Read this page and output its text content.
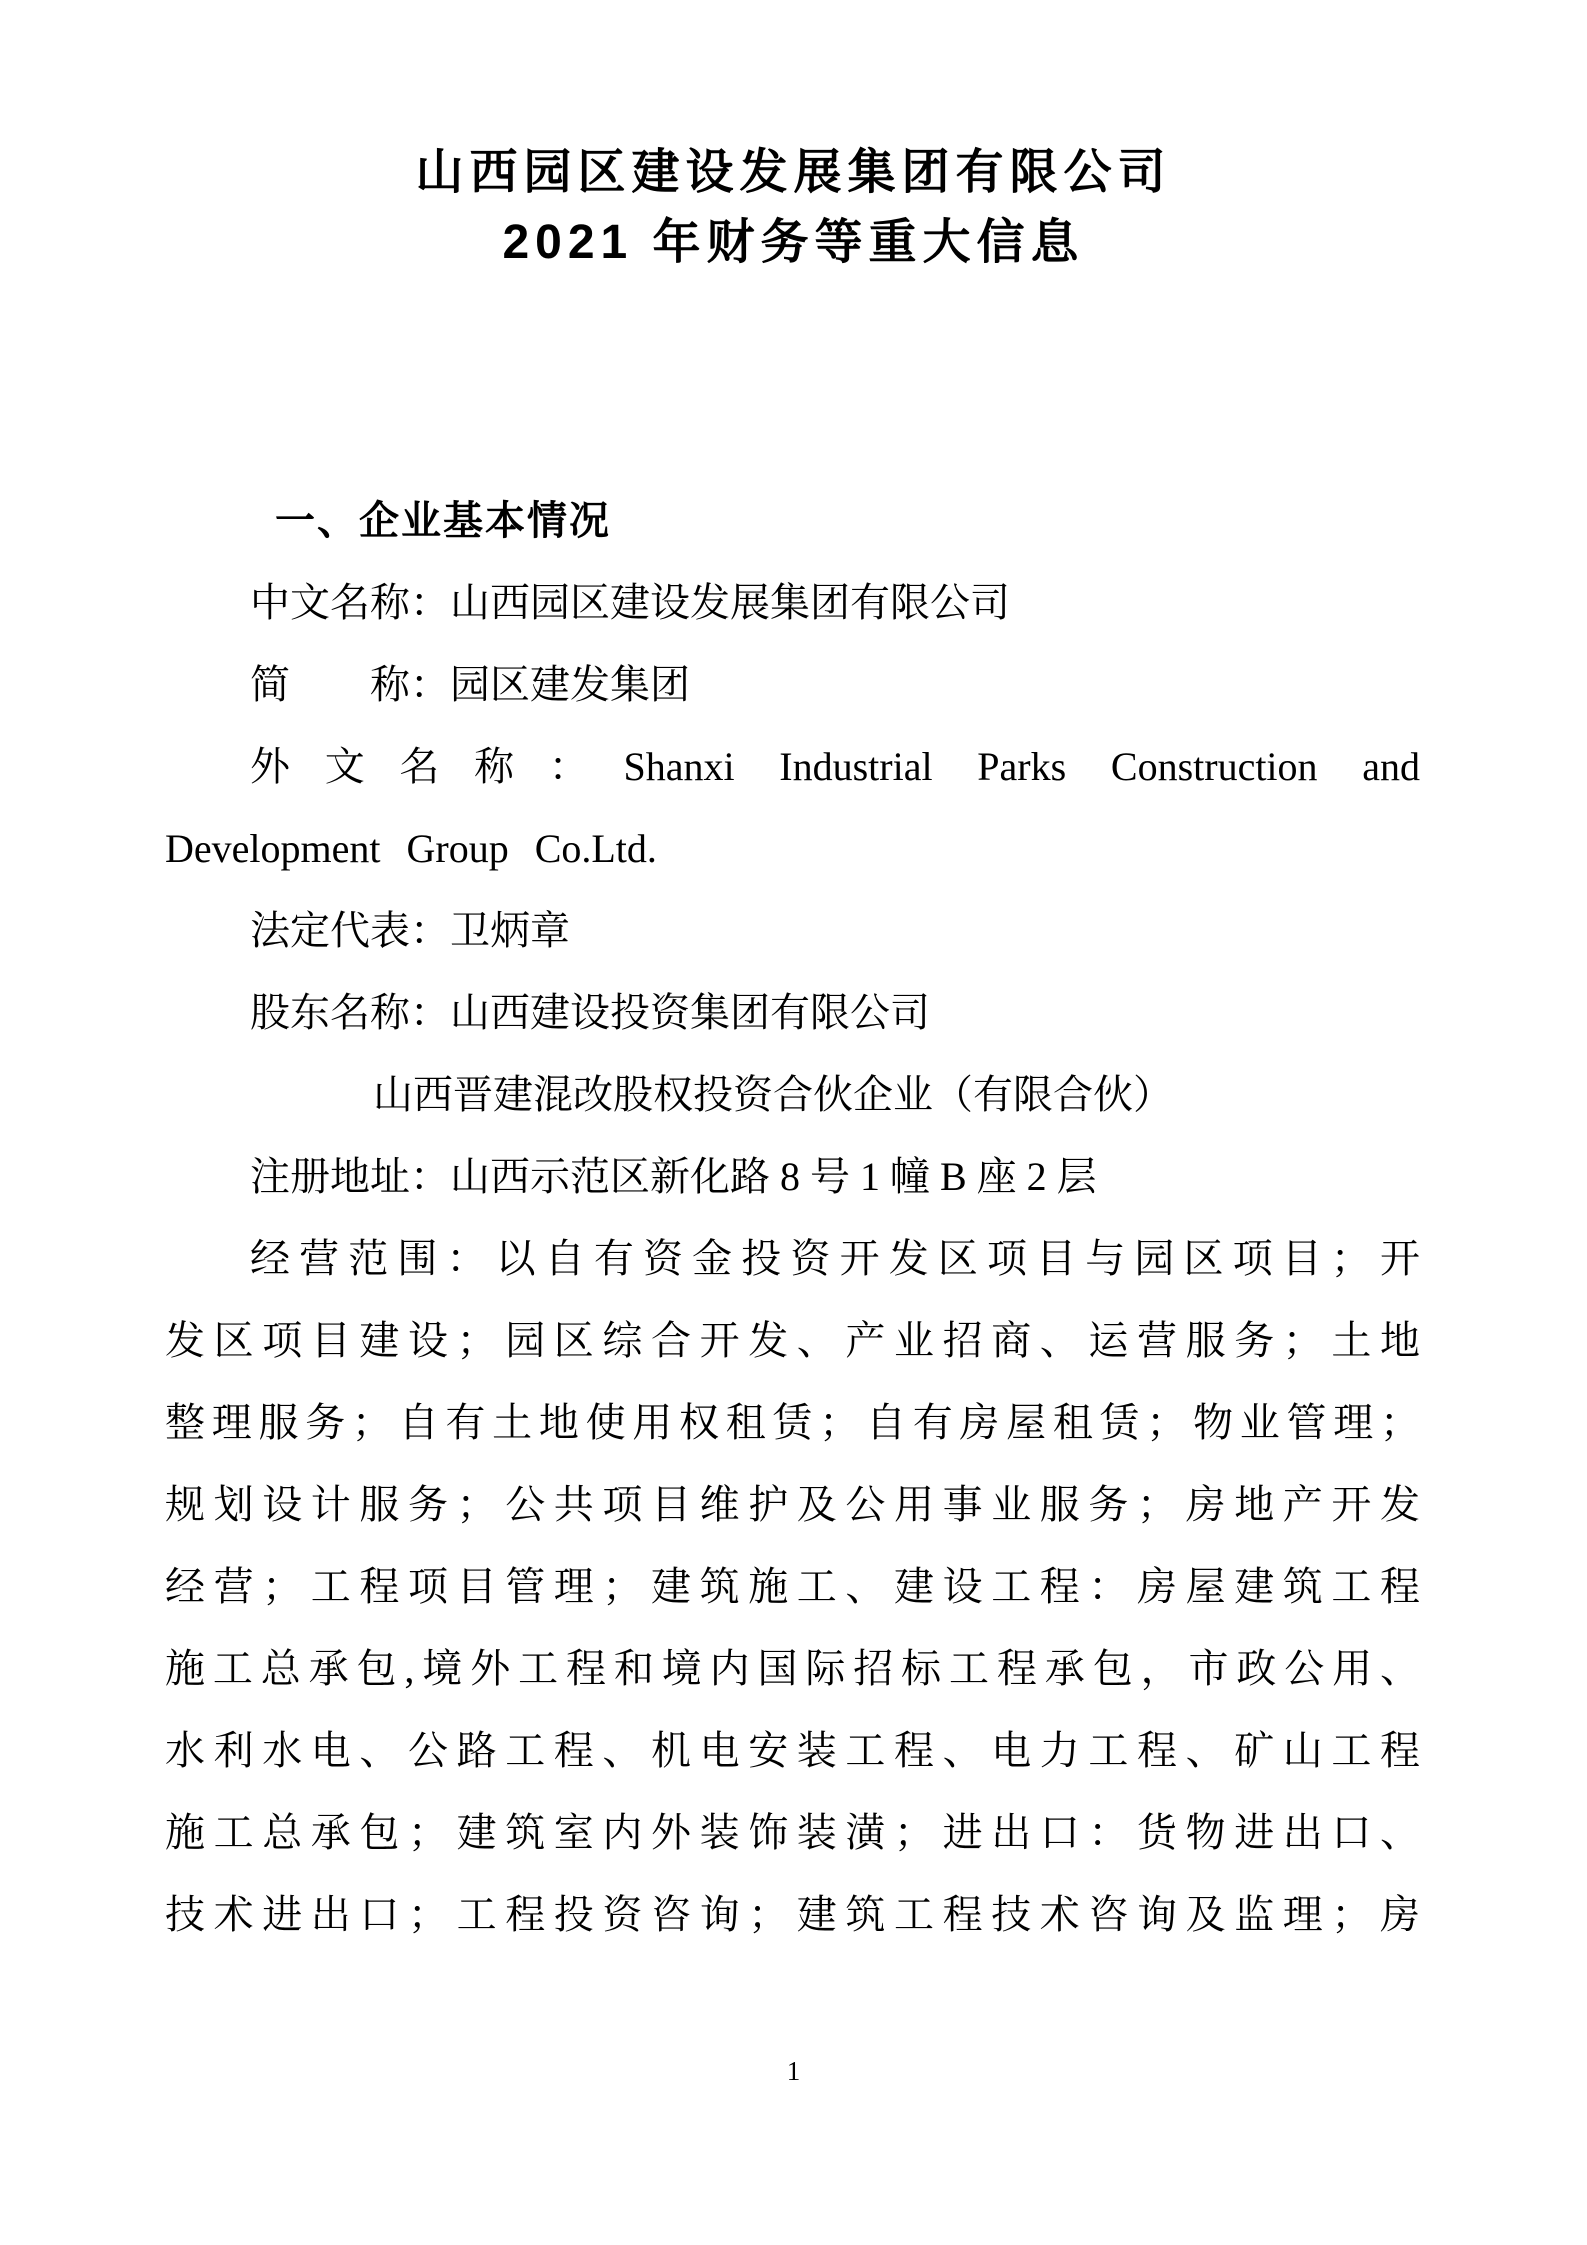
山西园区建设发展集团有限公司
2021 年财务等重大信息
一、企业基本情况
中文名称：山西园区建设发展集团有限公司
简　　称：园区建发集团
外文名称：Shanxi Industrial Parks Construction and
Development Group Co.Ltd.
法定代表：卫炳章
股东名称：山西建设投资集团有限公司
山西晋建混改股权投资合伙企业（有限合伙）
注册地址：山西示范区新化路 8 号 1 幢 B 座 2 层
经营范围：以自有资金投资开发区项目与园区项目；开
发区项目建设；园区综合开发、产业招商、运营服务；土地
整理服务；自有土地使用权租赁；自有房屋租赁；物业管理；
规划设计服务；公共项目维护及公用事业服务；房地产开发
经营；工程项目管理；建筑施工、建设工程：房屋建筑工程
施工总承包,境外工程和境内国际招标工程承包，市政公用、
水利水电、公路工程、机电安装工程、电力工程、矿山工程
施工总承包；建筑室内外装饰装潢；进出口：货物进出口、
技术进出口；工程投资咨询；建筑工程技术咨询及监理；房
1
